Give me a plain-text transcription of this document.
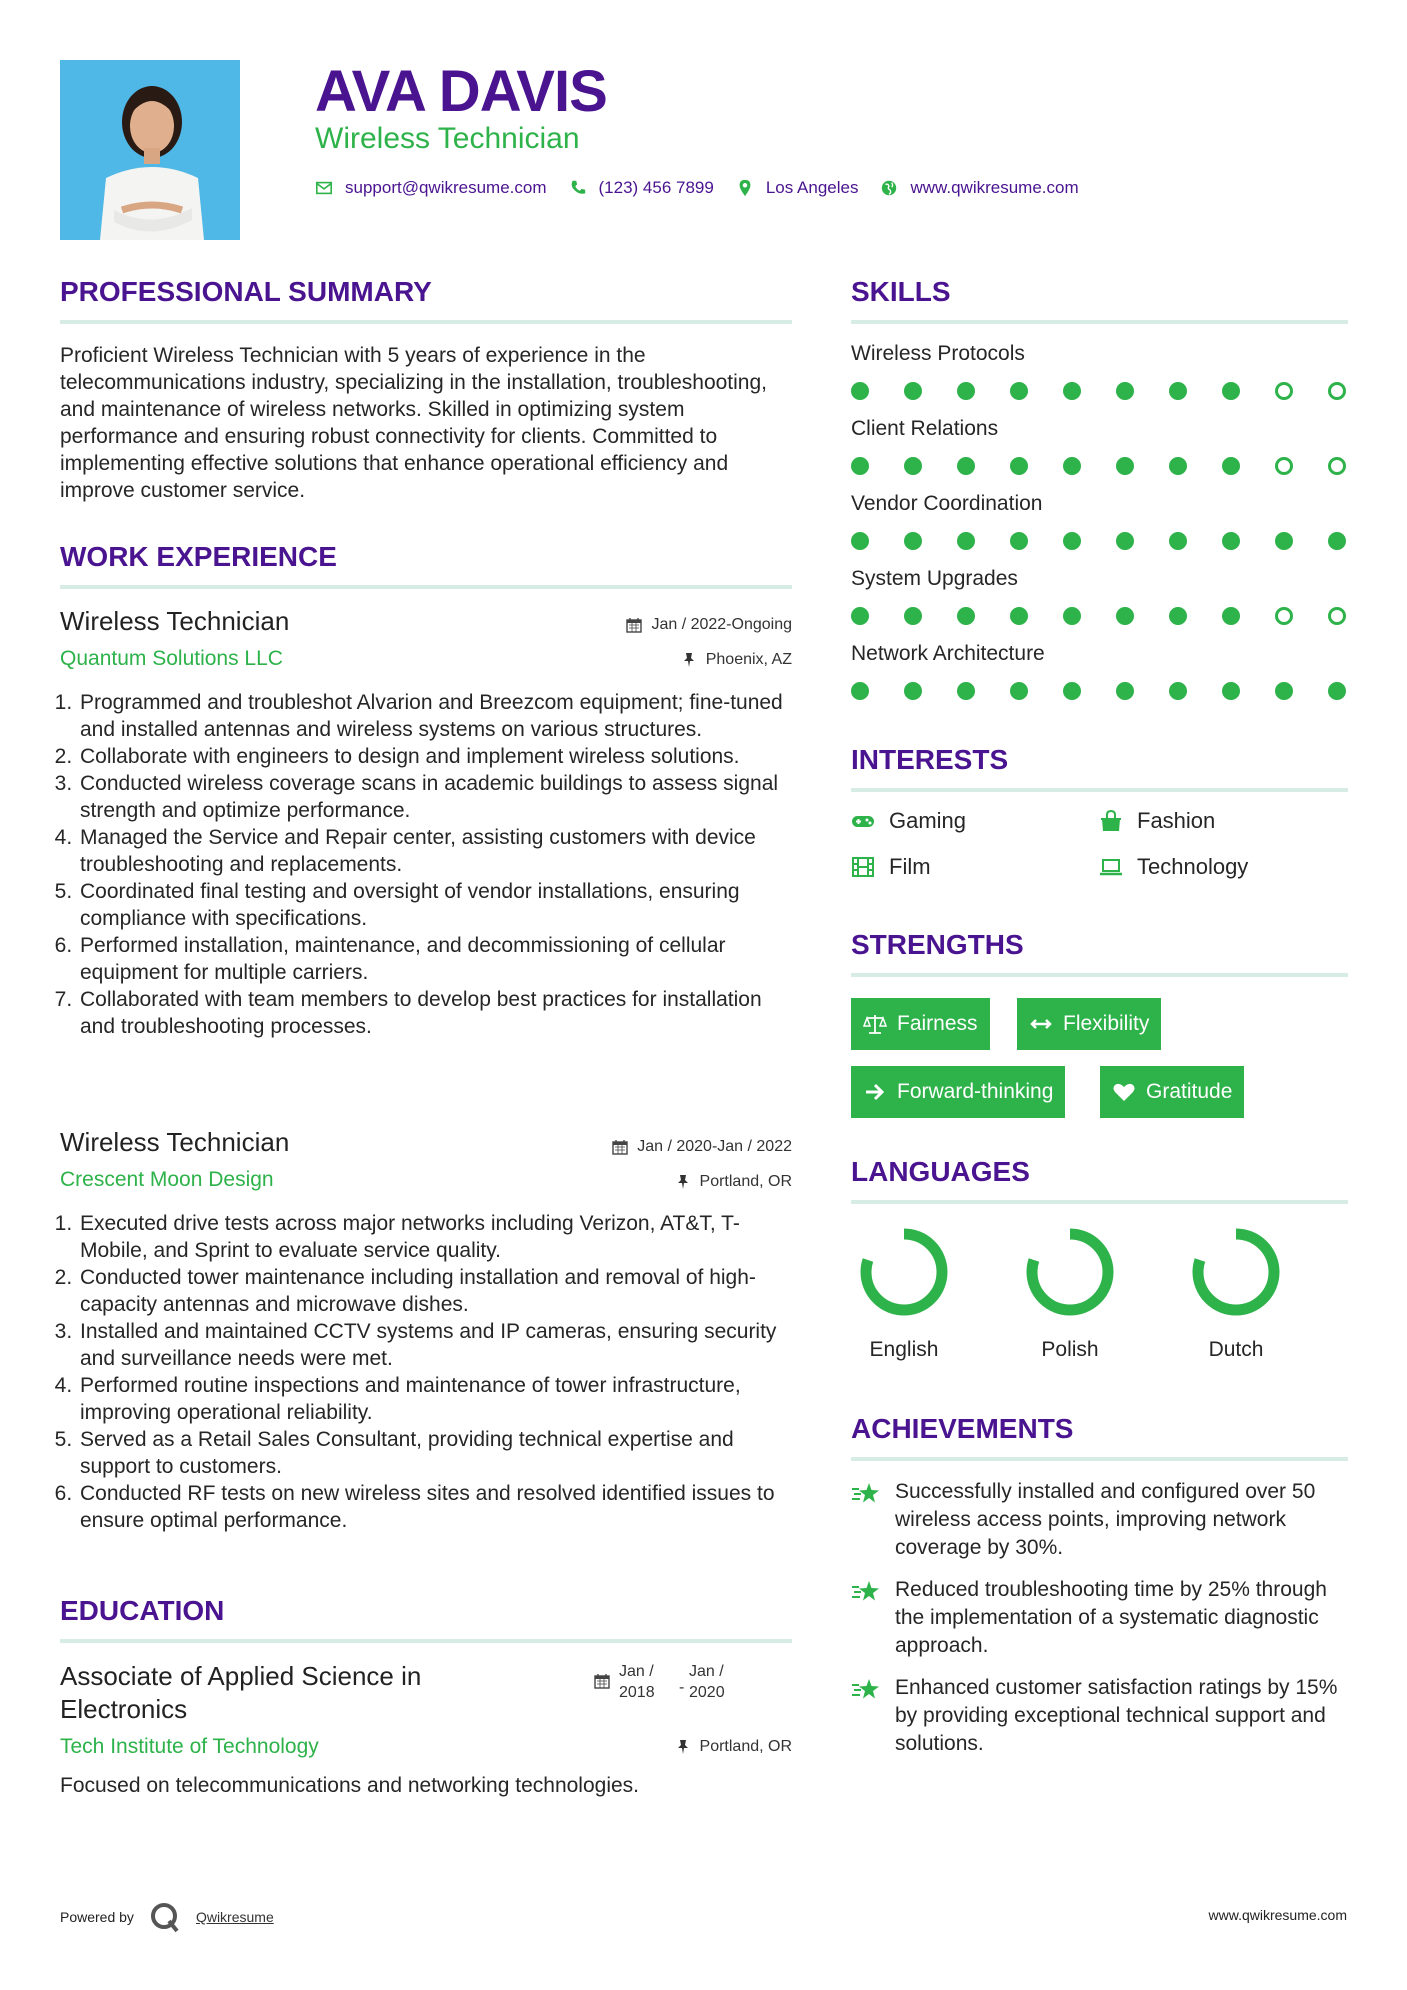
AVA DAVIS
Wireless Technician
support@qwikresume.com	(123) 456 7899	Los Angeles	www.qwikresume.com
PROFESSIONAL SUMMARY
Proficient Wireless Technician with 5 years of experience in the telecommunications industry, specializing in the installation, troubleshooting, and maintenance of wireless networks. Skilled in optimizing system performance and ensuring robust connectivity for clients. Committed to implementing effective solutions that enhance operational efficiency and improve customer service.
WORK EXPERIENCE
Wireless Technician	Jan / 2022-Ongoing
Quantum Solutions LLC	Phoenix, AZ
1. Programmed and troubleshot Alvarion and Breezcom equipment; fine-tuned and installed antennas and wireless systems on various structures.
2. Collaborate with engineers to design and implement wireless solutions.
3. Conducted wireless coverage scans in academic buildings to assess signal strength and optimize performance.
4. Managed the Service and Repair center, assisting customers with device troubleshooting and replacements.
5. Coordinated final testing and oversight of vendor installations, ensuring compliance with specifications.
6. Performed installation, maintenance, and decommissioning of cellular equipment for multiple carriers.
7. Collaborated with team members to develop best practices for installation and troubleshooting processes.
Wireless Technician	Jan / 2020-Jan / 2022
Crescent Moon Design	Portland, OR
1. Executed drive tests across major networks including Verizon, AT&T, T-Mobile, and Sprint to evaluate service quality.
2. Conducted tower maintenance including installation and removal of high-capacity antennas and microwave dishes.
3. Installed and maintained CCTV systems and IP cameras, ensuring security and surveillance needs were met.
4. Performed routine inspections and maintenance of tower infrastructure, improving operational reliability.
5. Served as a Retail Sales Consultant, providing technical expertise and support to customers.
6. Conducted RF tests on new wireless sites and resolved identified issues to ensure optimal performance.
EDUCATION
Associate of Applied Science in Electronics
Jan /
2018	-
Jan /
2020
Tech Institute of Technology	Portland, OR
Focused on telecommunications and networking technologies.
SKILLS
Wireless Protocols
Client Relations
Vendor Coordination
System Upgrades
Network Architecture
INTERESTS
Gaming	Fashion
Film	Technology
STRENGTHS
Fairness	Flexibility
Forward-thinking	Gratitude
LANGUAGES
English	Polish	Dutch
ACHIEVEMENTS
Successfully installed and configured over 50 wireless access points, improving network coverage by 30%.
Reduced troubleshooting time by 25% through the implementation of a systematic diagnostic approach.
Enhanced customer satisfaction ratings by 15% by providing exceptional technical support and solutions.
Powered by	Qwikresume	www.qwikresume.com
